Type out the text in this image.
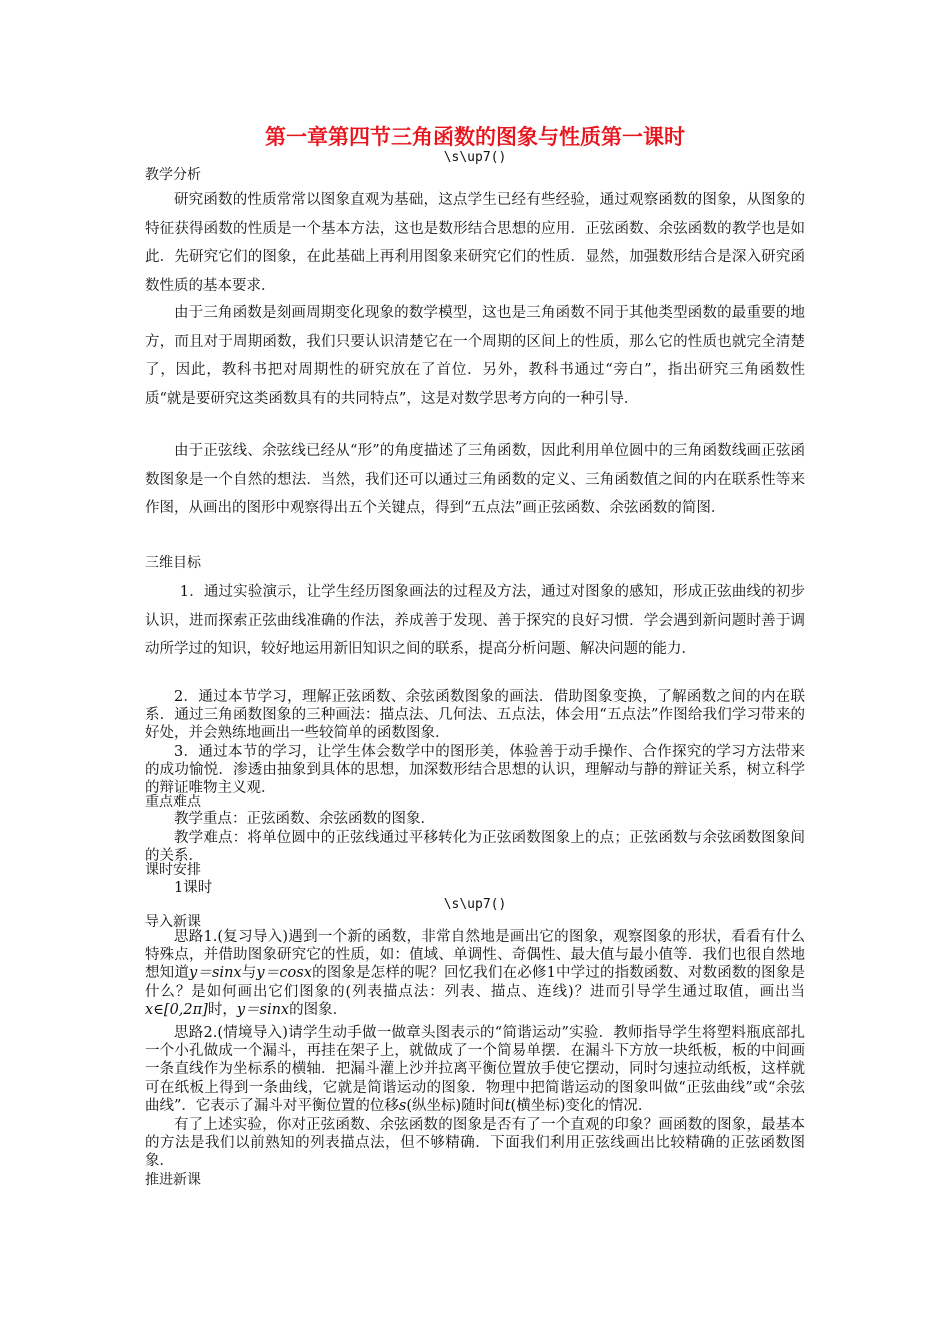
第一章第四节三角函数的图象与性质第一课时
\s\up7()
教学分析

研究函数的性质常常以图象直观为基础，这点学生已经有些经验，通过观察函数的图象，从图象的特征获得函数的性质是一个基本方法，这也是数形结合思想的应用．正弦函数、余弦函数的教学也是如此．先研究它们的图象，在此基础上再利用图象来研究它们的性质．显然，加强数形结合是深入研究函数性质的基本要求．

由于三角函数是刻画周期变化现象的数学模型，这也是三角函数不同于其他类型函数的最重要的地方，而且对于周期函数，我们只要认识清楚它在一个周期的区间上的性质，那么它的性质也就完全清楚了，因此，教科书把对周期性的研究放在了首位．另外，教科书通过“旁白”，指出研究三角函数性质“就是要研究这类函数具有的共同特点”，这是对数学思考方向的一种引导．

由于正弦线、余弦线已经从“形”的角度描述了三角函数，因此利用单位圆中的三角函数线画正弦函数图象是一个自然的想法．当然，我们还可以通过三角函数的定义、三角函数值之间的内在联系性等来作图，从画出的图形中观察得出五个关键点，得到“五点法”画正弦函数、余弦函数的简图．

三维目标

1．通过实验演示，让学生经历图象画法的过程及方法，通过对图象的感知，形成正弦曲线的初步认识，进而探索正弦曲线准确的作法，养成善于发现、善于探究的良好习惯．学会遇到新问题时善于调动所学过的知识，较好地运用新旧知识之间的联系，提高分析问题、解决问题的能力．

2．通过本节学习，理解正弦函数、余弦函数图象的画法．借助图象变换，了解函数之间的内在联系．通过三角函数图象的三种画法：描点法、几何法、五点法，体会用“五点法”作图给我们学习带来的好处，并会熟练地画出一些较简单的函数图象．

3．通过本节的学习，让学生体会数学中的图形美，体验善于动手操作、合作探究的学习方法带来的成功愉悦．渗透由抽象到具体的思想，加深数形结合思想的认识，理解动与静的辩证关系，树立科学的辩证唯物主义观．

重点难点

教学重点：正弦函数、余弦函数的图象．

教学难点：将单位圆中的正弦线通过平移转化为正弦函数图象上的点；正弦函数与余弦函数图象间的关系．

课时安排

1课时

\s\up7()
导入新课

思路1.(复习导入)遇到一个新的函数，非常自然地是画出它的图象，观察图象的形状，看看有什么特殊点，并借助图象研究它的性质，如：值域、单调性、奇偶性、最大值与最小值等．我们也很自然地想知道y＝sinx与y＝cosx的图象是怎样的呢？回忆我们在必修1中学过的指数函数、对数函数的图象是什么？是如何画出它们图象的(列表描点法：列表、描点、连线)？进而引导学生通过取值，画出当x∈[0,2π]时，y＝sinx的图象．

思路2.(情境导入)请学生动手做一做章头图表示的“简谐运动”实验．教师指导学生将塑料瓶底部扎一个小孔做成一个漏斗，再挂在架子上，就做成了一个简易单摆．在漏斗下方放一块纸板，板的中间画一条直线作为坐标系的横轴．把漏斗灌上沙并拉离平衡位置放手使它摆动，同时匀速拉动纸板，这样就可在纸板上得到一条曲线，它就是简谐运动的图象．物理中把简谐运动的图象叫做“正弦曲线”或“余弦曲线”．它表示了漏斗对平衡位置的位移s(纵坐标)随时间t(横坐标)变化的情况．

有了上述实验，你对正弦函数、余弦函数的图象是否有了一个直观的印象？画函数的图象，最基本的方法是我们以前熟知的列表描点法，但不够精确．下面我们利用正弦线画出比较精确的正弦函数图象．

推进新课
